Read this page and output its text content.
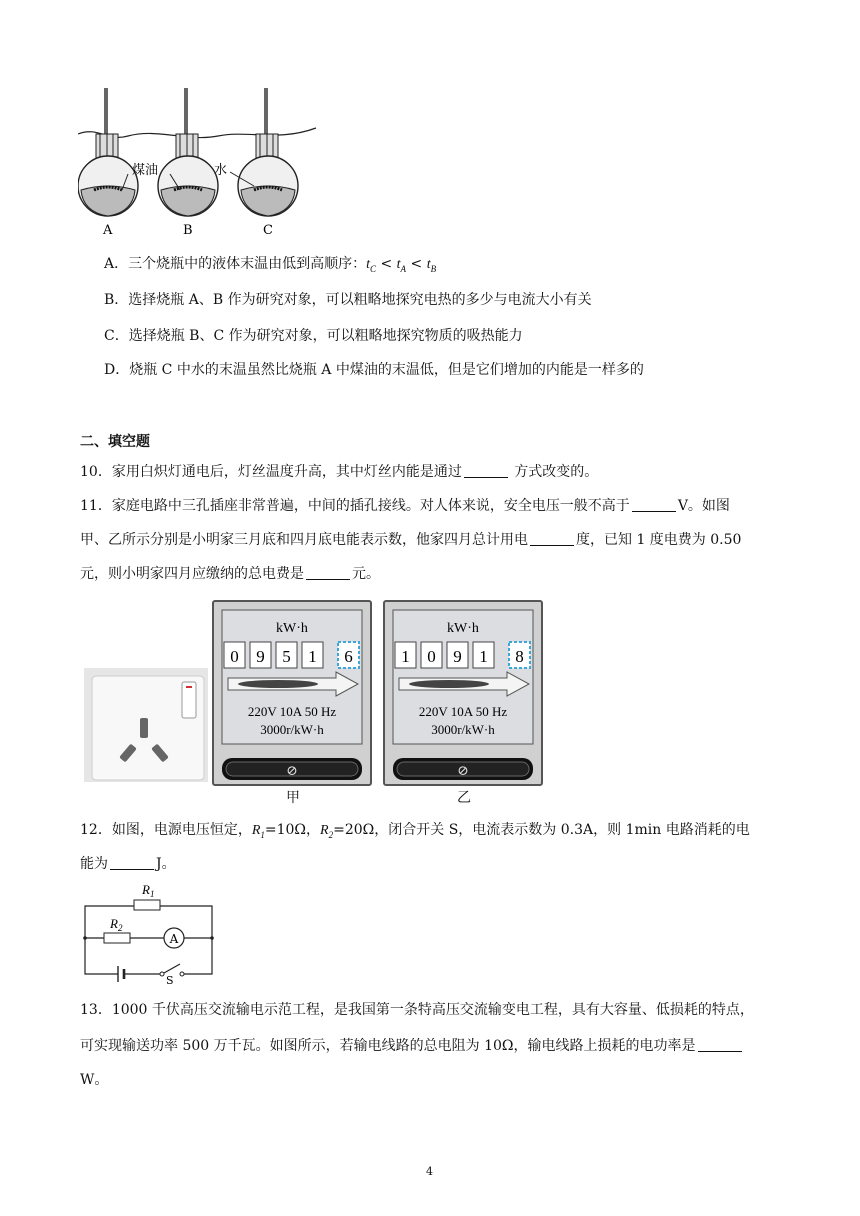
煤油	水
A	B	C
A．三个烧瓶中的液体末温由低到高顺序：$t_C < t_A < t_B$
B．选择烧瓶 A、B 作为研究对象，可以粗略地探究电热的多少与电流大小有关
C．选择烧瓶 B、C 作为研究对象，可以粗略地探究物质的吸热能力
D．烧瓶 C 中水的末温虽然比烧瓶 A 中煤油的末温低，但是它们增加的内能是一样多的
二、填空题
10．家用白炽灯通电后，灯丝温度升高，其中灯丝内能是通过	方式改变的。
11．家庭电路中三孔插座非常普遍，中间的插孔接线。对人体来说，安全电压一般不高于	V。如图
甲、乙所示分别是小明家三月底和四月底电能表示数，他家四月总计用电	度，已知 1 度电费为 0.50
元，则小明家四月应缴纳的总电费是	元。
kW·h
0 9 5 1 6
220V 10A 50 Hz
3000r/kW·h
⊘
甲
kW·h
1 0 9 1 8
220V 10A 50 Hz
3000r/kW·h
⊘
乙
12．如图，电源电压恒定，$R_1=10\Omega$，$R_2=20\Omega$，闭合开关 S，电流表示数为 0.3A，则 1min 电路消耗的电
能为	J。
$R_1$
$R_2$
A
S
13．1000 千伏高压交流输电示范工程，是我国第一条特高压交流输变电工程，具有大容量、低损耗的特点，
可实现输送功率 500 万千瓦。如图所示，若输电线路的总电阻为 10Ω，输电线路上损耗的电功率是
W。
4
